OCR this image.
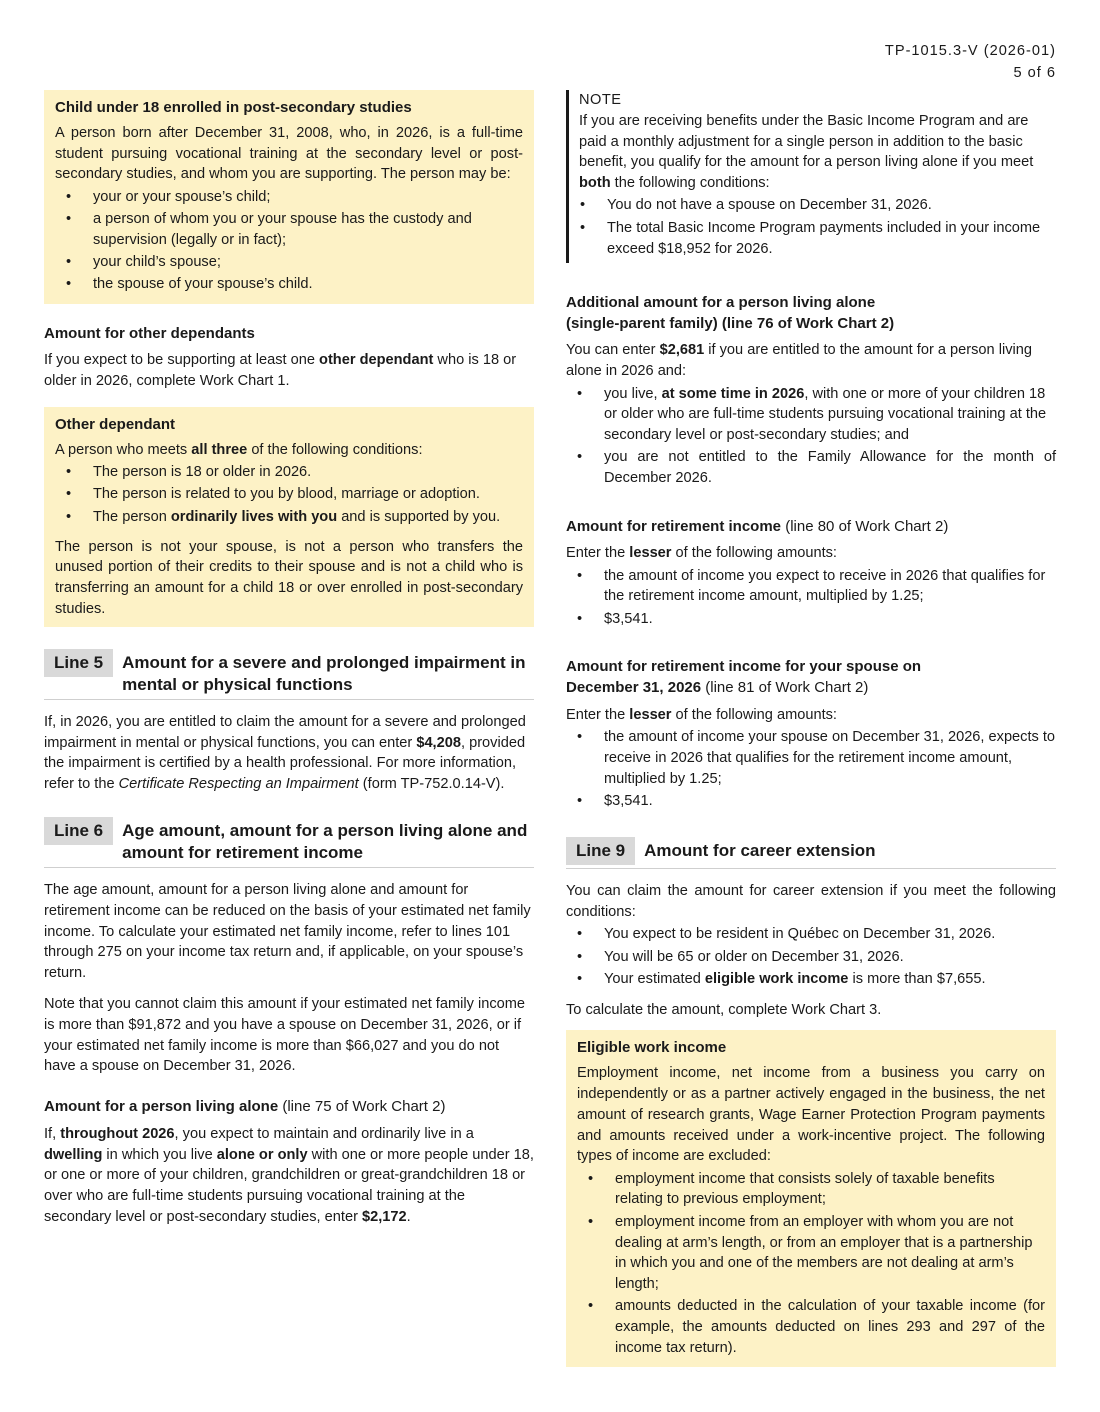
TP-1015.3-V (2026-01)
5 of 6
Child under 18 enrolled in post-secondary studies

A person born after December 31, 2008, who, in 2026, is a full-time student pursuing vocational training at the secondary level or post-secondary studies, and whom you are supporting. The person may be:

• your or your spouse’s child;
• a person of whom you or your spouse has the custody and supervision (legally or in fact);
• your child’s spouse;
• the spouse of your spouse’s child.
Amount for other dependants

If you expect to be supporting at least one other dependant who is 18 or older in 2026, complete Work Chart 1.

Other dependant

A person who meets all three of the following conditions:

• The person is 18 or older in 2026.
• The person is related to you by blood, marriage or adoption.
• The person ordinarily lives with you and is supported by you.

The person is not your spouse, is not a person who transfers the unused portion of their credits to their spouse and is not a child who is transferring an amount for a child 18 or over enrolled in post-secondary studies.

Line 5	Amount for a severe and prolonged impairment in mental or physical functions

If, in 2026, you are entitled to claim the amount for a severe and prolonged impairment in mental or physical functions, you can enter $4,208, provided the impairment is certified by a health professional. For more information, refer to the Certificate Respecting an Impairment (form TP-752.0.14-V).

Line 6	Age amount, amount for a person living alone and amount for retirement income

The age amount, amount for a person living alone and amount for retirement income can be reduced on the basis of your estimated net family income. To calculate your estimated net family income, refer to lines 101 through 275 on your income tax return and, if applicable, on your spouse’s return.

Note that you cannot claim this amount if your estimated net family income is more than $91,872 and you have a spouse on December 31, 2026, or if your estimated net family income is more than $66,027 and you do not have a spouse on December 31, 2026.

Amount for a person living alone (line 75 of Work Chart 2)

If, throughout 2026, you expect to maintain and ordinarily live in a dwelling in which you live alone or only with one or more people under 18, or one or more of your children, grandchildren or great-grandchildren 18 or over who are full-time students pursuing vocational training at the secondary level or post-secondary studies, enter $2,172.

NOTE

If you are receiving benefits under the Basic Income Program and are paid a monthly adjustment for a single person in addition to the basic benefit, you qualify for the amount for a person living alone if you meet both the following conditions:

• You do not have a spouse on December 31, 2026.
• The total Basic Income Program payments included in your income exceed $18,952 for 2026.
Additional amount for a person living alone
(single-parent family) (line 76 of Work Chart 2)

You can enter $2,681 if you are entitled to the amount for a person living alone in 2026 and:

• you live, at some time in 2026, with one or more of your children 18 or older who are full-time students pursuing vocational training at the secondary level or post-secondary studies; and
• you are not entitled to the Family Allowance for the month of December 2026.
Amount for retirement income (line 80 of Work Chart 2)

Enter the lesser of the following amounts:

• the amount of income you expect to receive in 2026 that qualifies for the retirement income amount, multiplied by 1.25;
• $3,541.
Amount for retirement income for your spouse on
December 31, 2026 (line 81 of Work Chart 2)

Enter the lesser of the following amounts:

• the amount of income your spouse on December 31, 2026, expects to receive in 2026 that qualifies for the retirement income amount, multiplied by 1.25;
• $3,541.
Line 9	Amount for career extension

You can claim the amount for career extension if you meet the following conditions:

• You expect to be resident in Québec on December 31, 2026.
• You will be 65 or older on December 31, 2026.
• Your estimated eligible work income is more than $7,655.

To calculate the amount, complete Work Chart 3.

Eligible work income

Employment income, net income from a business you carry on independently or as a partner actively engaged in the business, the net amount of research grants, Wage Earner Protection Program payments and amounts received under a work-incentive project. The following types of income are excluded:

• employment income that consists solely of taxable benefits relating to previous employment;
• employment income from an employer with whom you are not dealing at arm’s length, or from an employer that is a partnership in which you and one of the members are not dealing at arm’s length;
• amounts deducted in the calculation of your taxable income (for example, the amounts deducted on lines 293 and 297 of the income tax return).
